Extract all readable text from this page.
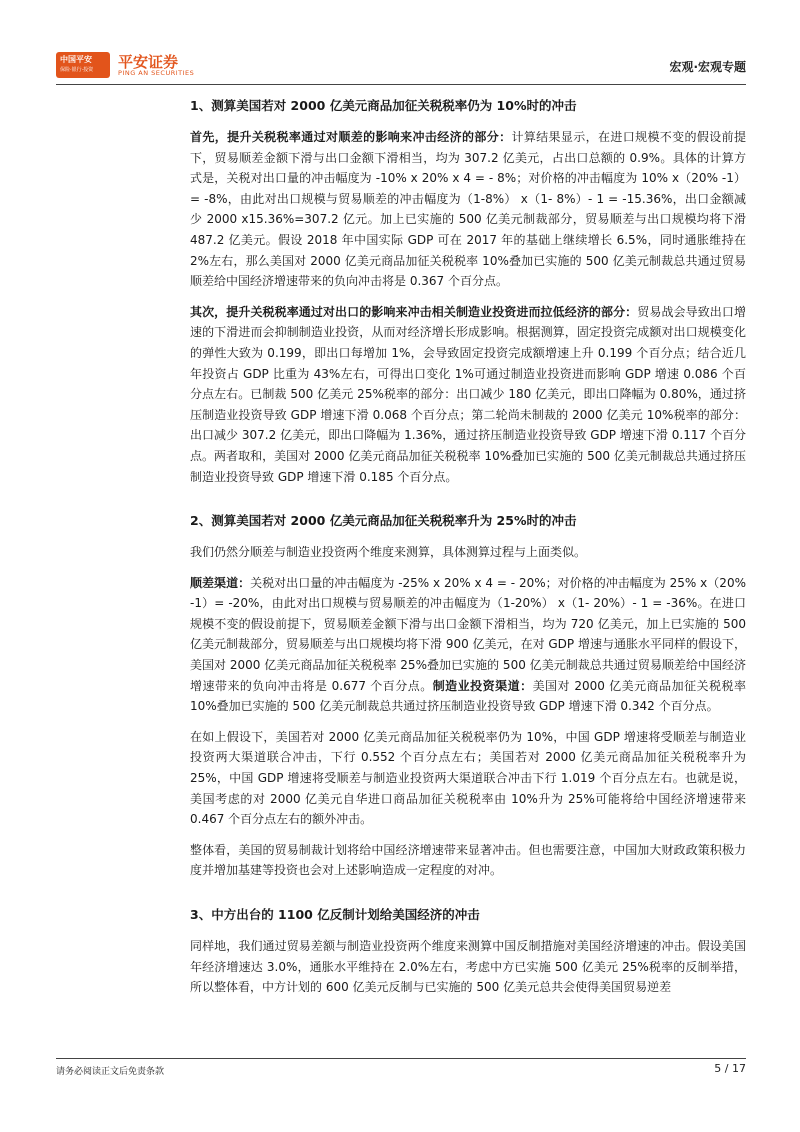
中国平安
保险·银行·投资 平安证券
PING AN SECURITIES	宏观·宏观专题
1、测算美国若对 2000 亿美元商品加征关税税率仍为 10%时的冲击

首先，提升关税税率通过对顺差的影响来冲击经济的部分：计算结果显示，在进口规模不变的假设前提下，贸易顺差金额下滑与出口金额下滑相当，均为 307.2 亿美元，占出口总额的 0.9%。具体的计算方式是，关税对出口量的冲击幅度为 -10% x 20% x 4 = - 8%；对价格的冲击幅度为 10% x（20% -1）= -8%，由此对出口规模与贸易顺差的冲击幅度为（1-8%） x（1- 8%）- 1 = -15.36%，出口金额减少 2000 x15.36%=307.2 亿元。加上已实施的 500 亿美元制裁部分，贸易顺差与出口规模均将下滑 487.2 亿美元。假设 2018 年中国实际 GDP 可在 2017 年的基础上继续增长 6.5%，同时通胀维持在 2%左右，那么美国对 2000 亿美元商品加征关税税率 10%叠加已实施的 500 亿美元制裁总共通过贸易顺差给中国经济增速带来的负向冲击将是 0.367 个百分点。

其次，提升关税税率通过对出口的影响来冲击相关制造业投资进而拉低经济的部分：贸易战会导致出口增速的下滑进而会抑制制造业投资，从而对经济增长形成影响。根据测算，固定投资完成额对出口规模变化的弹性大致为 0.199，即出口每增加 1%，会导致固定投资完成额增速上升 0.199 个百分点；结合近几年投资占 GDP 比重为 43%左右，可得出口变化 1%可通过制造业投资进而影响 GDP 增速 0.086 个百分点左右。已制裁 500 亿美元 25%税率的部分：出口减少 180 亿美元，即出口降幅为 0.80%，通过挤压制造业投资导致 GDP 增速下滑 0.068 个百分点；第二轮尚未制裁的 2000 亿美元 10%税率的部分：出口减少 307.2 亿美元，即出口降幅为 1.36%，通过挤压制造业投资导致 GDP 增速下滑 0.117 个百分点。两者取和，美国对 2000 亿美元商品加征关税税率 10%叠加已实施的 500 亿美元制裁总共通过挤压制造业投资导致 GDP 增速下滑 0.185 个百分点。

2、测算美国若对 2000 亿美元商品加征关税税率升为 25%时的冲击

我们仍然分顺差与制造业投资两个维度来测算，具体测算过程与上面类似。

顺差渠道：关税对出口量的冲击幅度为 -25% x 20% x 4 = - 20%；对价格的冲击幅度为 25% x（20% -1）= -20%，由此对出口规模与贸易顺差的冲击幅度为（1-20%） x（1- 20%）- 1 = -36%。在进口规模不变的假设前提下，贸易顺差金额下滑与出口金额下滑相当，均为 720 亿美元，加上已实施的 500 亿美元制裁部分，贸易顺差与出口规模均将下滑 900 亿美元，在对 GDP 增速与通胀水平同样的假设下，美国对 2000 亿美元商品加征关税税率 25%叠加已实施的 500 亿美元制裁总共通过贸易顺差给中国经济增速带来的负向冲击将是 0.677 个百分点。制造业投资渠道：美国对 2000 亿美元商品加征关税税率 10%叠加已实施的 500 亿美元制裁总共通过挤压制造业投资导致 GDP 增速下滑 0.342 个百分点。

在如上假设下，美国若对 2000 亿美元商品加征关税税率仍为 10%，中国 GDP 增速将受顺差与制造业投资两大渠道联合冲击，下行 0.552 个百分点左右；美国若对 2000 亿美元商品加征关税税率升为 25%，中国 GDP 增速将受顺差与制造业投资两大渠道联合冲击下行 1.019 个百分点左右。也就是说，美国考虑的对 2000 亿美元自华进口商品加征关税税率由 10%升为 25%可能将给中国经济增速带来 0.467 个百分点左右的额外冲击。

整体看，美国的贸易制裁计划将给中国经济增速带来显著冲击。但也需要注意，中国加大财政政策积极力度并增加基建等投资也会对上述影响造成一定程度的对冲。

3、中方出台的 1100 亿反制计划给美国经济的冲击

同样地，我们通过贸易差额与制造业投资两个维度来测算中国反制措施对美国经济增速的冲击。假设美国年经济增速达 3.0%，通胀水平维持在 2.0%左右，考虑中方已实施 500 亿美元 25%税率的反制举措，所以整体看，中方计划的 600 亿美元反制与已实施的 500 亿美元总共会使得美国贸易逆差

请务必阅读正文后免责条款	5 / 17
